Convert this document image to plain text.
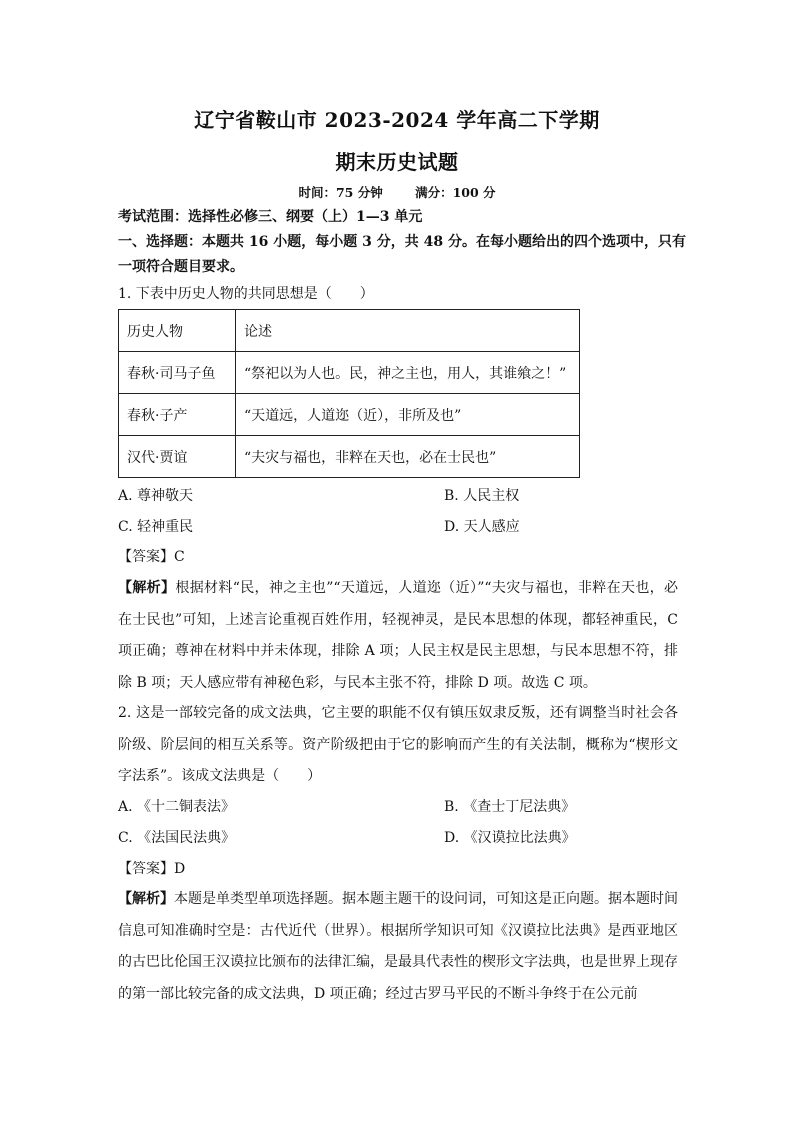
辽宁省鞍山市 2023-2024 学年高二下学期
期末历史试题
时间：75 分钟	满分：100 分
考试范围：选择性必修三、纲要（上）1—3 单元
一、选择题：本题共 16 小题，每小题 3 分，共 48 分。在每小题给出的四个选项中，只有
一项符合题目要求。
1. 下表中历史人物的共同思想是（　　）
历史人物	论述
春秋·司马子鱼	“祭祀以为人也。民，神之主也，用人，其谁飨之！”
春秋·子产	“天道远，人道迩（近），非所及也”
汉代·贾谊	“夫灾与福也，非粹在天也，必在士民也”
A. 尊神敬天	B. 人民主权
C. 轻神重民	D. 天人感应
【答案】C
【解析】根据材料“民，神之主也”“天道远，人道迩（近）”“夫灾与福也，非粹在天也，必在士民也”可知，上述言论重视百姓作用，轻视神灵，是民本思想的体现，都轻神重民，C 项正确；尊神在材料中并未体现，排除 A 项；人民主权是民主思想，与民本思想不符，排除 B 项；天人感应带有神秘色彩，与民本主张不符，排除 D 项。故选 C 项。
2. 这是一部较完备的成文法典，它主要的职能不仅有镇压奴隶反叛，还有调整当时社会各阶级、阶层间的相互关系等。资产阶级把由于它的影响而产生的有关法制，概称为“楔形文字法系”。该成文法典是（　　）
A. 《十二铜表法》	B. 《查士丁尼法典》
C. 《法国民法典》	D. 《汉谟拉比法典》
【答案】D
【解析】本题是单类型单项选择题。据本题主题干的设问词，可知这是正向题。据本题时间信息可知准确时空是：古代近代（世界）。根据所学知识可知《汉谟拉比法典》是西亚地区的古巴比伦国王汉谟拉比颁布的法律汇编，是最具代表性的楔形文字法典，也是世界上现存的第一部比较完备的成文法典，D 项正确；经过古罗马平民的不断斗争终于在公元前
